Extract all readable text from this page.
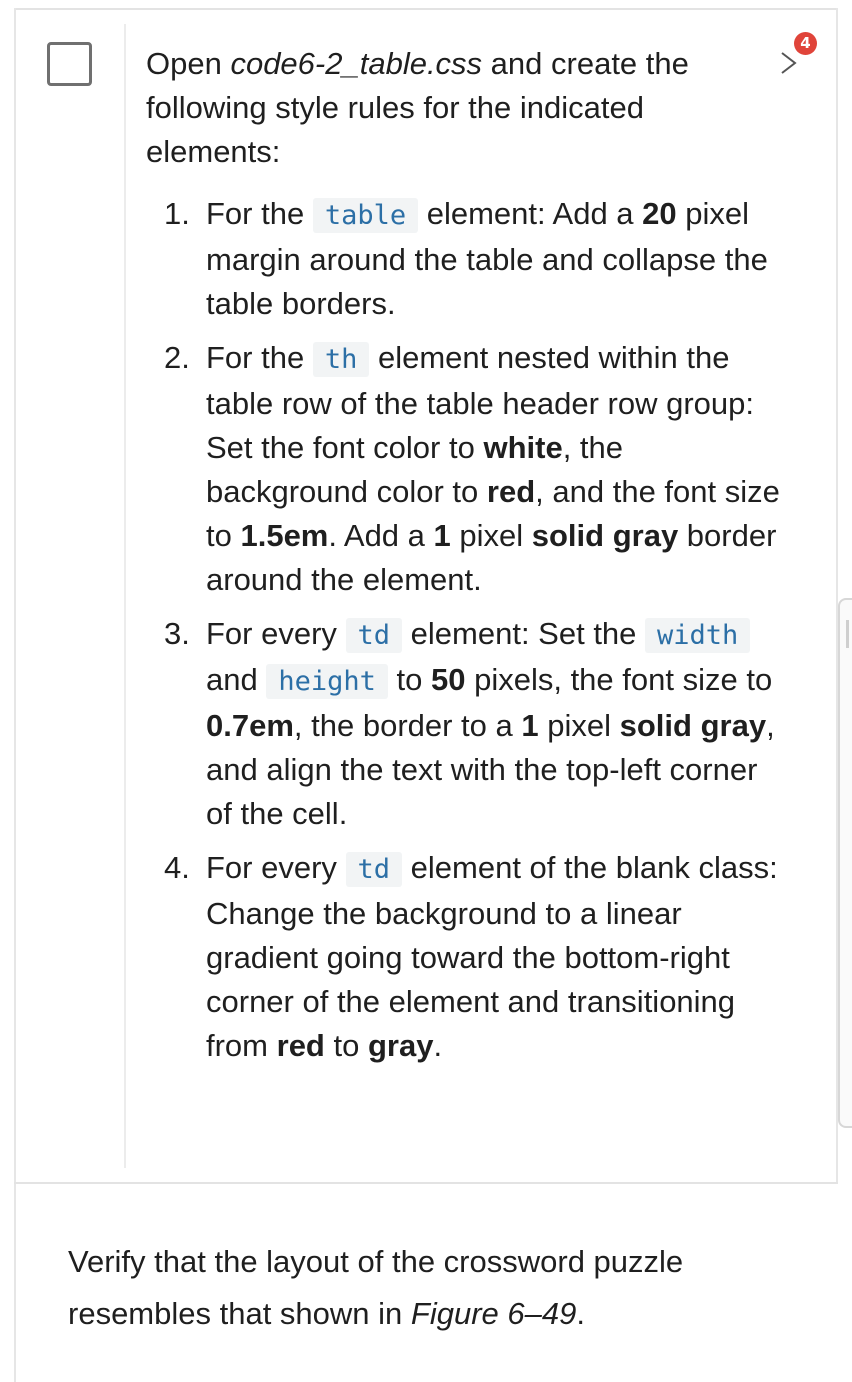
4

Open code6-2_table.css and create the following style rules for the indicated elements:

1. For the table element: Add a 20 pixel margin around the table and collapse the table borders.
2. For the th element nested within the table row of the table header row group: Set the font color to white, the background color to red, and the font size to 1.5em. Add a 1 pixel solid gray border around the element.
3. For every td element: Set the width and height to 50 pixels, the font size to 0.7em, the border to a 1 pixel solid gray, and align the text with the top-left corner of the cell.
4. For every td element of the blank class: Change the background to a linear gradient going toward the bottom-right corner of the element and transitioning from red to gray.

Verify that the layout of the crossword puzzle resembles that shown in Figure 6–49.
